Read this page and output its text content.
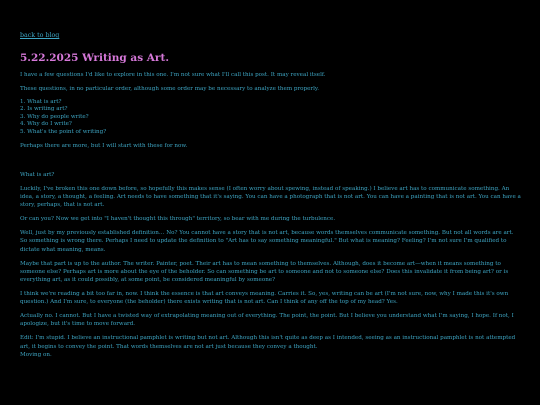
back to blog
5.22.2025 Writing as Art.

I have a few questions I'd like to explore in this one. I'm not sure what I'll call this post. It may reveal itself.

These questions, in no particular order, although some order may be necessary to analyze them properly.

1. What is art?
2. Is writing art?
3. Why do people write?
4. Why do I write?
5. What's the point of writing?

Perhaps there are more, but I will start with these for now.

What is art?

Luckily, I've broken this one down before, so hopefully this makes sense (I often worry about spewing, instead of speaking.) I believe art has to communicate something. An idea, a story, a thought, a feeling. Art needs to have something that it's saying. You can have a photograph that is not art. You can have a painting that is not art. You can have a story, perhaps, that is not art.

Or can you? Now we get into "I haven't thought this through" territory, so bear with me during the turbulence.

Well, just by my previously established definition… No? You cannot have a story that is not art, because words themselves communicate something. But not all words are art. So something is wrong there. Perhaps I need to update the definition to "Art has to say something meaningful." But what is meaning? Feeling? I'm not sure I'm qualified to dictate what meaning, means.

Maybe that part is up to the author. The writer. Painter, poet. Their art has to mean something to themselves. Although, does it become art—when it means something to someone else? Perhaps art is more about the eye of the beholder. So can something be art to someone and not to someone else? Does this invalidate it from being art? or is everything art, as it could possibly, at some point, be considered meaningful by someone?

I think we're reading a bit too far in, now. I think the essence is that art conveys meaning. Carries it. So, yes, writing can be art (I'm not sure, now, why I made this it's own question.) And I'm sure, to everyone (the beholder) there exists writing that is not art. Can I think of any off the top of my head? Yes.

Actually no. I cannot. But I have a twisted way of extrapolating meaning out of everything. The point, the point. But I believe you understand what I'm saying, I hope. If not, I apologize, but it's time to move forward.

Edit: I'm stupid. I believe an instructional pamphlet is writing but not art. Although this isn't quite as deep as I intended, seeing as an instructional pamphlet is not attempted art, it begins to convey the point. That words themselves are not art just because they convey a thought.

Moving on.
